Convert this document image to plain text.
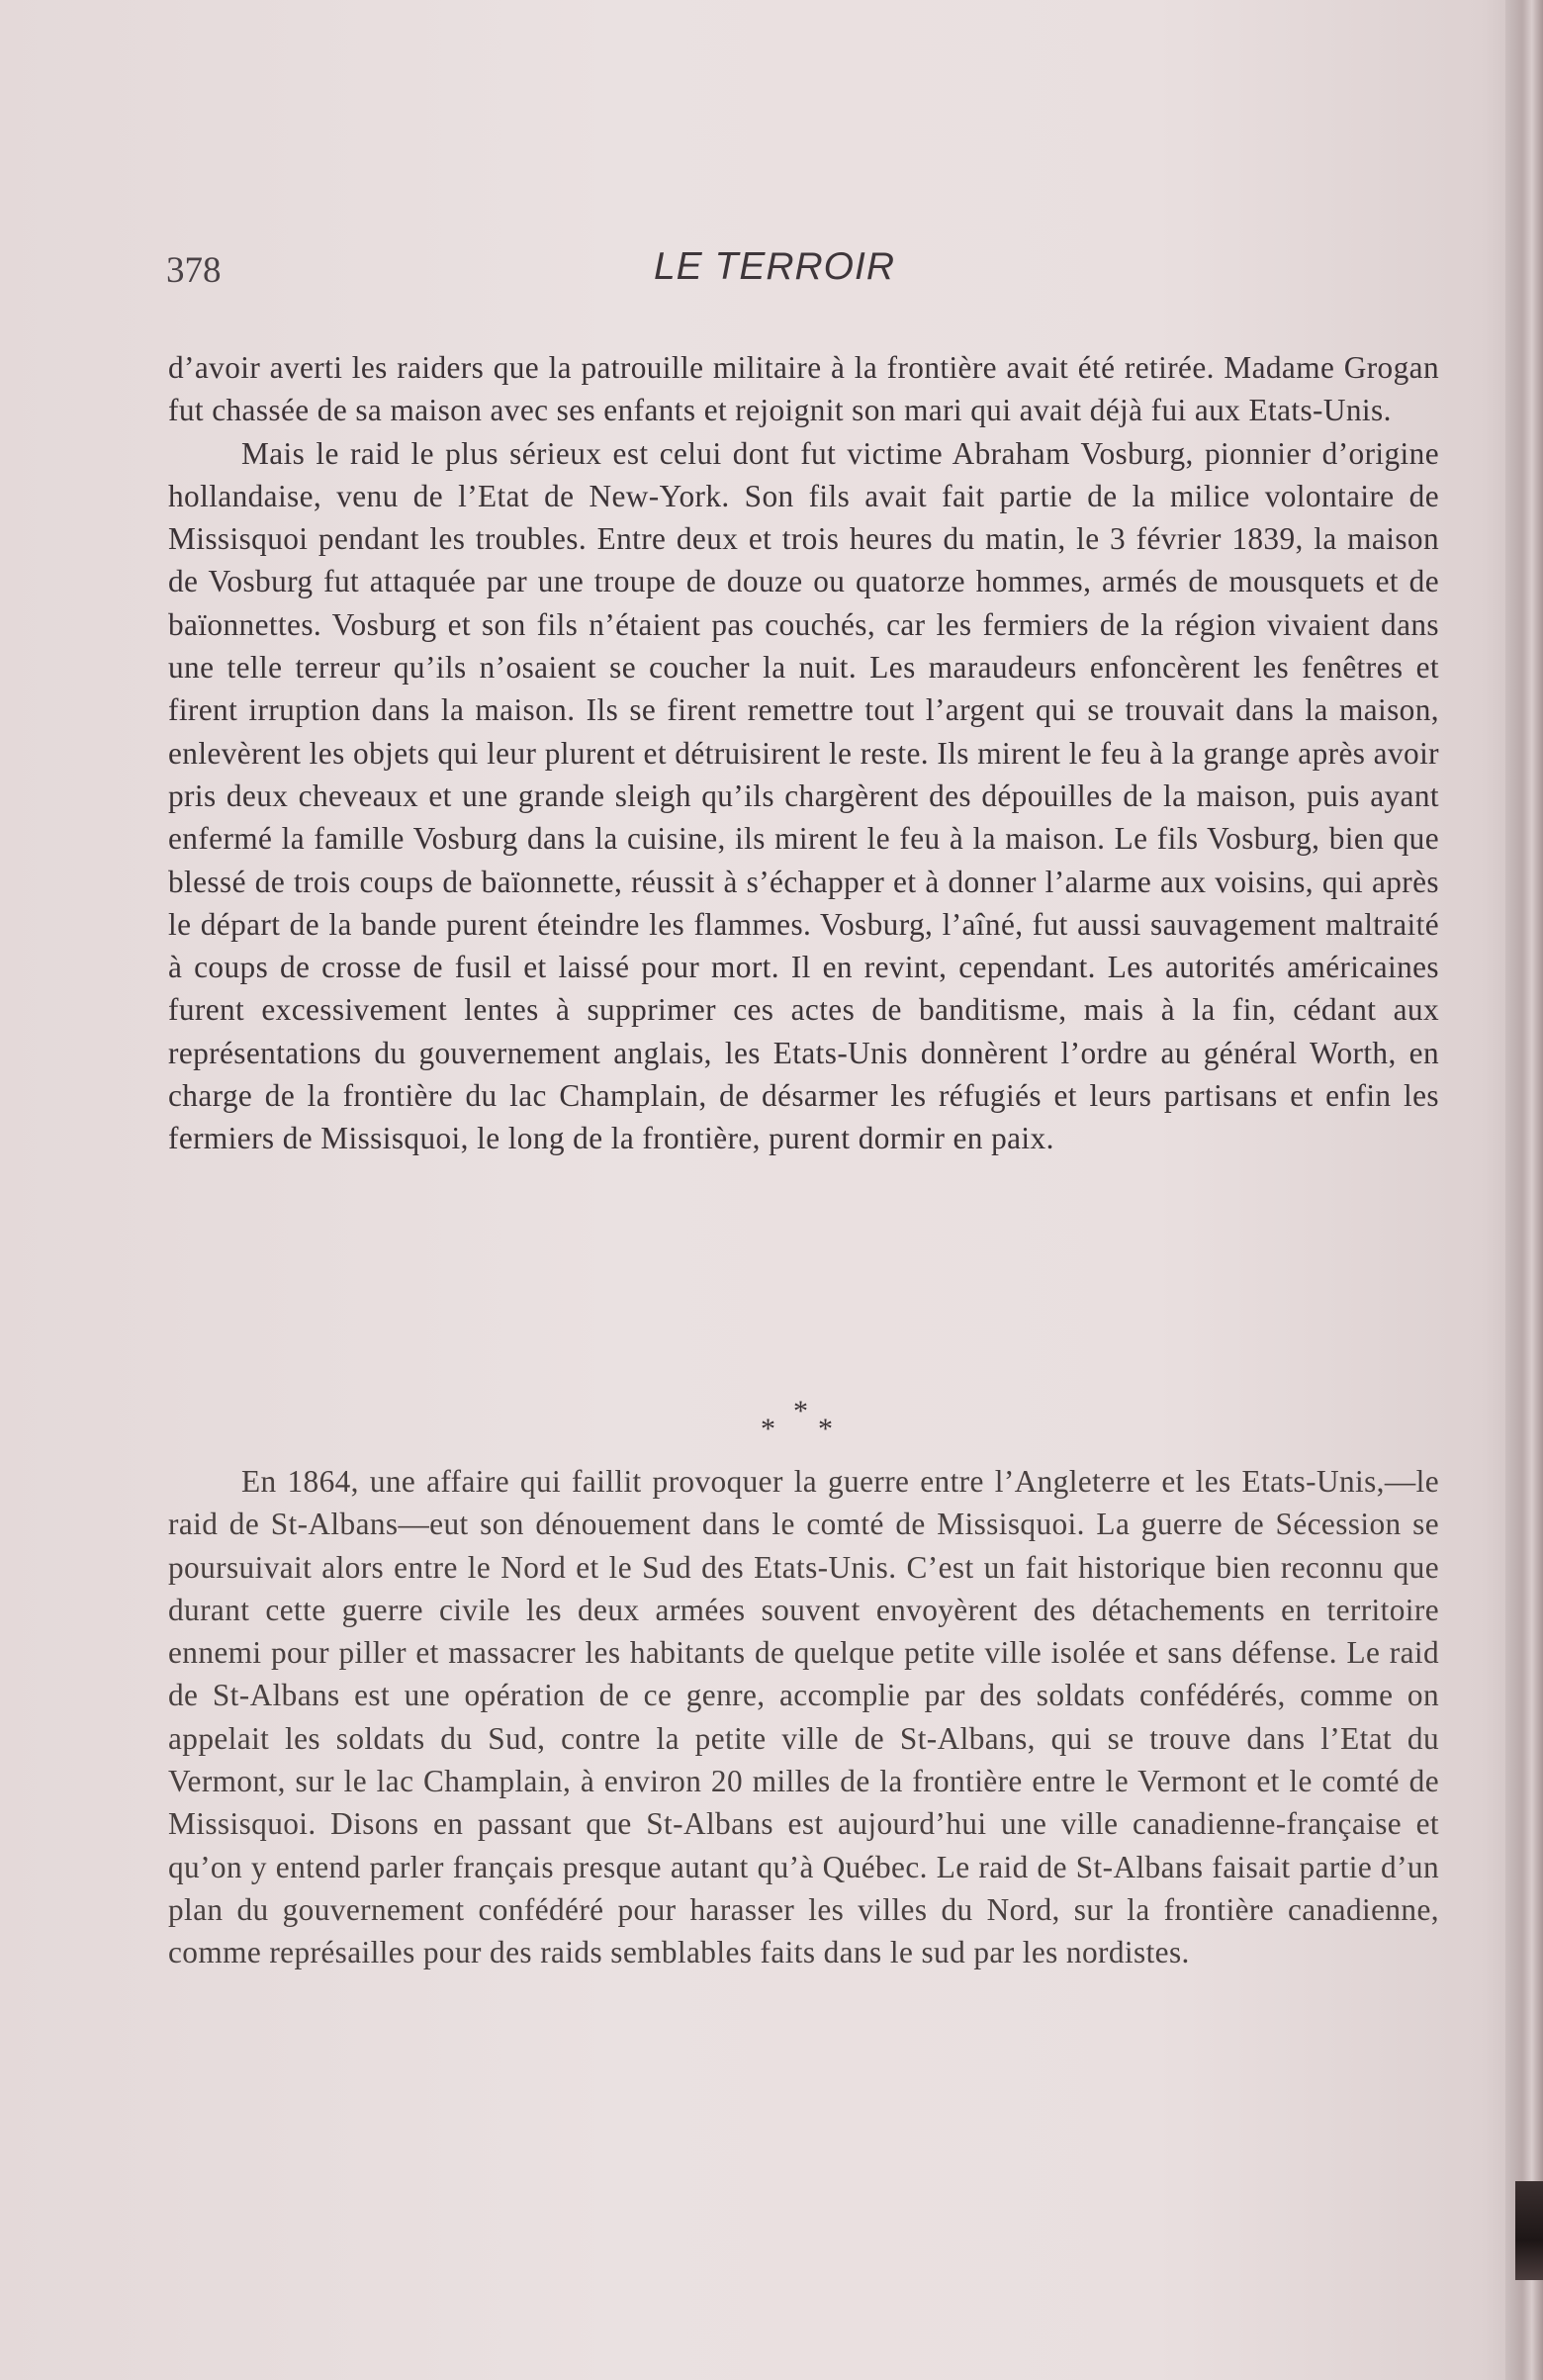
378	LE TERROIR

d’avoir averti les raiders que la patrouille militaire à la frontière avait été retirée. Madame Grogan fut chassée de sa maison avec ses enfants et rejoignit son mari qui avait déjà fui aux Etats-Unis.

Mais le raid le plus sérieux est celui dont fut victime Abraham Vosburg, pionnier d’origine hollandaise, venu de l’Etat de New-York. Son fils avait fait partie de la milice volontaire de Missisquoi pendant les troubles. Entre deux et trois heures du matin, le 3 février 1839, la maison de Vosburg fut attaquée par une troupe de douze ou quatorze hommes, armés de mousquets et de baïonnettes. Vosburg et son fils n’étaient pas couchés, car les fermiers de la région vivaient dans une telle terreur qu’ils n’osaient se coucher la nuit. Les maraudeurs enfoncèrent les fenêtres et firent irruption dans la maison. Ils se firent remettre tout l’argent qui se trouvait dans la maison, enlevèrent les objets qui leur plurent et détruisirent le reste. Ils mirent le feu à la grange après avoir pris deux cheveaux et une grande sleigh qu’ils chargèrent des dépouilles de la maison, puis ayant enfermé la famille Vosburg dans la cuisine, ils mirent le feu à la maison. Le fils Vosburg, bien que blessé de trois coups de baïonnette, réussit à s’échapper et à donner l’alarme aux voisins, qui après le départ de la bande purent éteindre les flammes. Vosburg, l’aîné, fut aussi sauvagement maltraité à coups de crosse de fusil et laissé pour mort. Il en revint, cependant. Les autorités américaines furent excessivement lentes à supprimer ces actes de banditisme, mais à la fin, cédant aux représentations du gouvernement anglais, les Etats-Unis donnèrent l’ordre au général Worth, en charge de la frontière du lac Champlain, de désarmer les réfugiés et leurs partisans et enfin les fermiers de Missisquoi, le long de la frontière, purent dormir en paix.

*
* *

En 1864, une affaire qui faillit provoquer la guerre entre l’Angleterre et les Etats-Unis,—le raid de St-Albans—eut son dénouement dans le comté de Missisquoi. La guerre de Sécession se poursuivait alors entre le Nord et le Sud des Etats-Unis. C’est un fait historique bien reconnu que durant cette guerre civile les deux armées souvent envoyèrent des détachements en territoire ennemi pour piller et massacrer les habitants de quelque petite ville isolée et sans défense. Le raid de St-Albans est une opération de ce genre, accomplie par des soldats confédérés, comme on appelait les soldats du Sud, contre la petite ville de St-Albans, qui se trouve dans l’Etat du Vermont, sur le lac Champlain, à environ 20 milles de la frontière entre le Vermont et le comté de Missisquoi. Disons en passant que St-Albans est aujourd’hui une ville canadienne-française et qu’on y entend parler français presque autant qu’à Québec. Le raid de St-Albans faisait partie d’un plan du gouvernement confédéré pour harasser les villes du Nord, sur la frontière canadienne, comme représailles pour des raids semblables faits dans le sud par les nordistes.
